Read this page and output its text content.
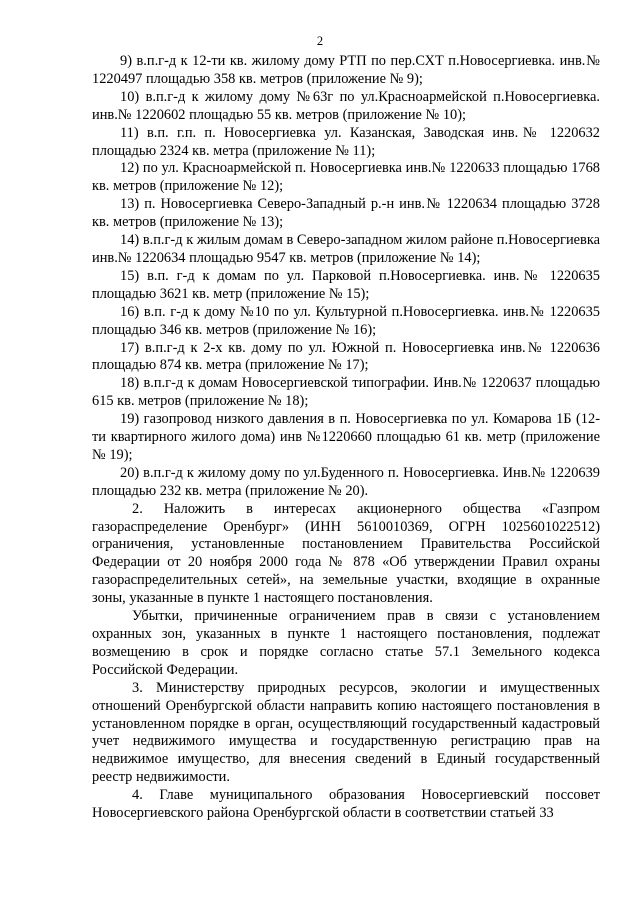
2

9) в.п.г-д к 12-ти кв. жилому дому РТП по пер.СХТ п.Новосергиевка. инв.№ 1220497 площадью 358 кв. метров (приложение № 9);

10) в.п.г-д к жилому дому №63г по ул.Красноармейской п.Новосергиевка. инв.№ 1220602 площадью 55 кв. метров (приложение № 10);

11) в.п. г.п. п. Новосергиевка ул. Казанская, Заводская инв.№ 1220632 площадью 2324 кв. метра (приложение № 11);

12) по ул. Красноармейской п. Новосергиевка инв.№ 1220633 площадью 1768 кв. метров (приложение № 12);

13) п. Новосергиевка Северо-Западный р.-н инв.№ 1220634 площадью 3728 кв. метров (приложение № 13);

14) в.п.г-д к жилым домам в Северо-западном жилом районе п.Новосергиевка инв.№ 1220634 площадью 9547 кв. метров (приложение № 14);

15) в.п. г-д к домам по ул. Парковой п.Новосергиевка. инв.№ 1220635 площадью 3621 кв. метр (приложение № 15);

16) в.п. г-д к дому №10 по ул. Культурной п.Новосергиевка. инв.№ 1220635 площадью 346 кв. метров (приложение № 16);

17) в.п.г-д к 2-х кв. дому по ул. Южной п. Новосергиевка инв.№ 1220636 площадью 874 кв. метра (приложение № 17);

18) в.п.г-д к домам Новосергиевской типографии. Инв.№ 1220637 площадью 615 кв. метров (приложение № 18);

19) газопровод низкого давления в п. Новосергиевка по ул. Комарова 1Б (12-ти квартирного жилого дома) инв №1220660 площадью 61 кв. метр (приложение № 19);

20) в.п.г-д к жилому дому по ул.Буденного п. Новосергиевка. Инв.№ 1220639 площадью 232 кв. метра (приложение № 20).

2. Наложить в интересах акционерного общества «Газпром газораспределение Оренбург» (ИНН 5610010369, ОГРН 1025601022512) ограничения, установленные постановлением Правительства Российской Федерации от 20 ноября 2000 года № 878 «Об утверждении Правил охраны газораспределительных сетей», на земельные участки, входящие в охранные зоны, указанные в пункте 1 настоящего постановления.

Убытки, причиненные ограничением прав в связи с установлением охранных зон, указанных в пункте 1 настоящего постановления, подлежат возмещению в срок и порядке согласно статье 57.1 Земельного кодекса Российской Федерации.

3. Министерству природных ресурсов, экологии и имущественных отношений Оренбургской области направить копию настоящего постановления в установленном порядке в орган, осуществляющий государственный кадастровый учет недвижимого имущества и государственную регистрацию прав на недвижимое имущество, для внесения сведений в Единый государственный реестр недвижимости.

4. Главе муниципального образования Новосергиевский поссовет Новосергиевского района Оренбургской области в соответствии статьей 33
